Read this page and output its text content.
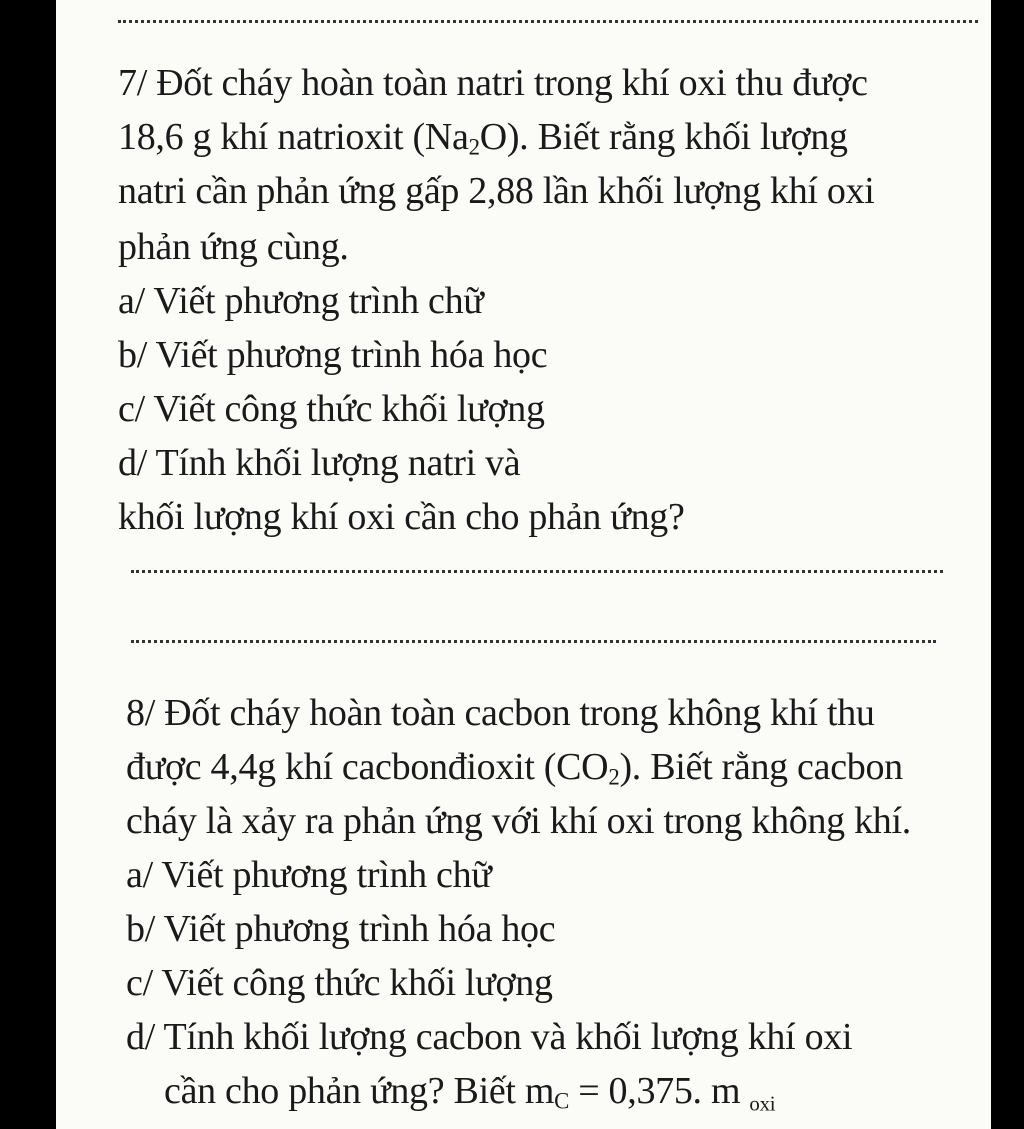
7/ Đốt cháy hoàn toàn natri trong khí oxi thu được
18,6 g khí natrioxit $(Na_2O)$. Biết rằng khối lượng
natri cần phản ứng gấp 2,88 lần khối lượng khí oxi
phản ứng cùng.
a/ Viết phương trình chữ
b/ Viết phương trình hóa học
c/ Viết công thức khối lượng
d/ Tính khối lượng natri và
khối lượng khí oxi cần cho phản ứng?
8/ Đốt cháy hoàn toàn cacbon trong không khí thu
được 4,4g khí cacbonđioxit $(CO_2)$. Biết rằng cacbon
cháy là xảy ra phản ứng với khí oxi trong không khí.
a/ Viết phương trình chữ
b/ Viết phương trình hóa học
c/ Viết công thức khối lượng
d/ Tính khối lượng cacbon và khối lượng khí oxi
cần cho phản ứng? Biết $m_C = 0,375$. m $_{oxi}$
